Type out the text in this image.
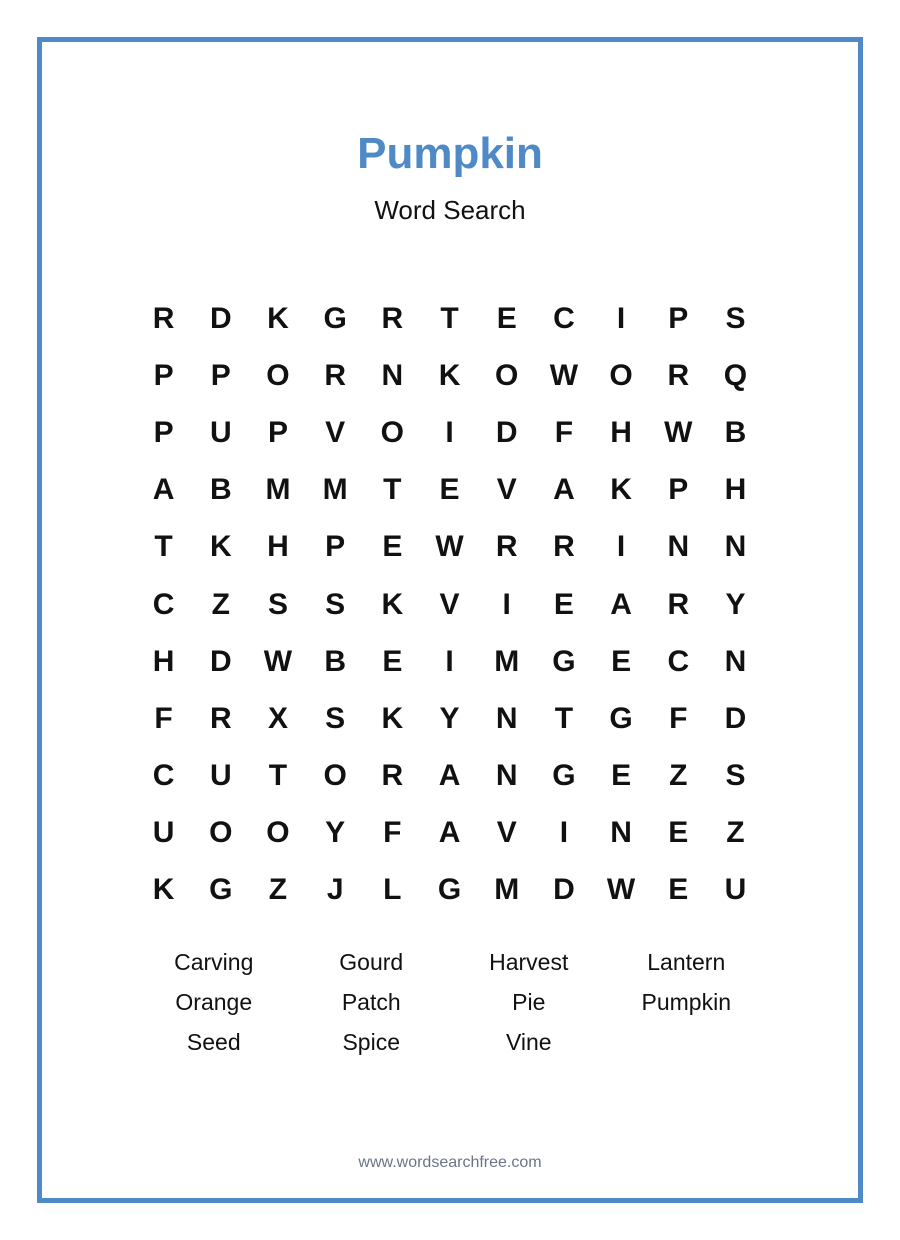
Pumpkin
Word Search
R	D	K	G	R	T	E	C	I	P	S
P	P	O	R	N	K	O	W	O	R	Q
P	U	P	V	O	I	D	F	H	W	B
A	B	M	M	T	E	V	A	K	P	H
T	K	H	P	E	W	R	R	I	N	N
C	Z	S	S	K	V	I	E	A	R	Y
H	D	W	B	E	I	M	G	E	C	N
F	R	X	S	K	Y	N	T	G	F	D
C	U	T	O	R	A	N	G	E	Z	S
U	O	O	Y	F	A	V	I	N	E	Z
K	G	Z	J	L	G	M	D	W	E	U
Carving	Gourd	Harvest	Lantern
Orange	Patch	Pie	Pumpkin
Seed	Spice	Vine
www.wordsearchfree.com
